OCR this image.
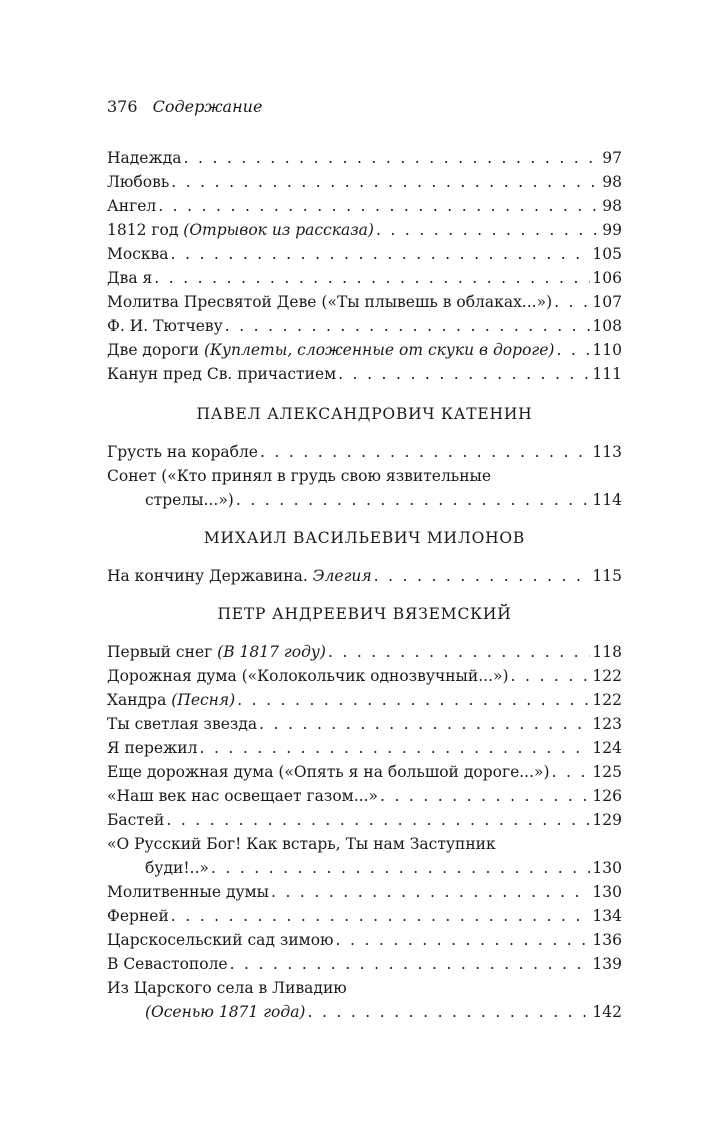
376 Содержание
Надежда . . .	97
Любовь . . .	98
Ангел . . .	98
1812 год (Отрывок из рассказа) . . .	99
Москва . . .	105
Два я . . .	106
Молитва Пресвятой Деве («Ты плывешь в облаках...») . . .	107
Ф. И. Тютчеву . . .	108
Две дороги (Куплеты, сложенные от скуки в дороге) . . . 110
Канун пред Св. причастием . . .	111
ПАВЕЛ АЛЕКСАНДРОВИЧ КАТЕНИН
Грусть на корабле . . .	113
Сонет («Кто принял в грудь свою язвительные
стрелы...») . . .	114
МИХАИЛ ВАСИЛЬЕВИЧ МИЛОНОВ
На кончину Державина. Элегия . . .	115
ПЕТР АНДРЕЕВИЧ ВЯЗЕМСКИЙ
Первый снег (В 1817 году) . . .	118
Дорожная дума («Колокольчик однозвучный...») . . .	122
Хандра (Песня) . . .	122
Ты светлая звезда . . .	123
Я пережил . . .	124
Еще дорожная дума («Опять я на большой дороге...») . . .	125
«Наш век нас освещает газом...» . . .	126
Бастей . . .	129
«О Русский Бог! Как встарь, Ты нам Заступник
буди!..» . . .	130
Молитвенные думы . . .	130
Ферней . . .	134
Царскосельский сад зимою . . .	136
В Севастополе . . .	139
Из Царского села в Ливадию
(Осенью 1871 года) . . .	142
